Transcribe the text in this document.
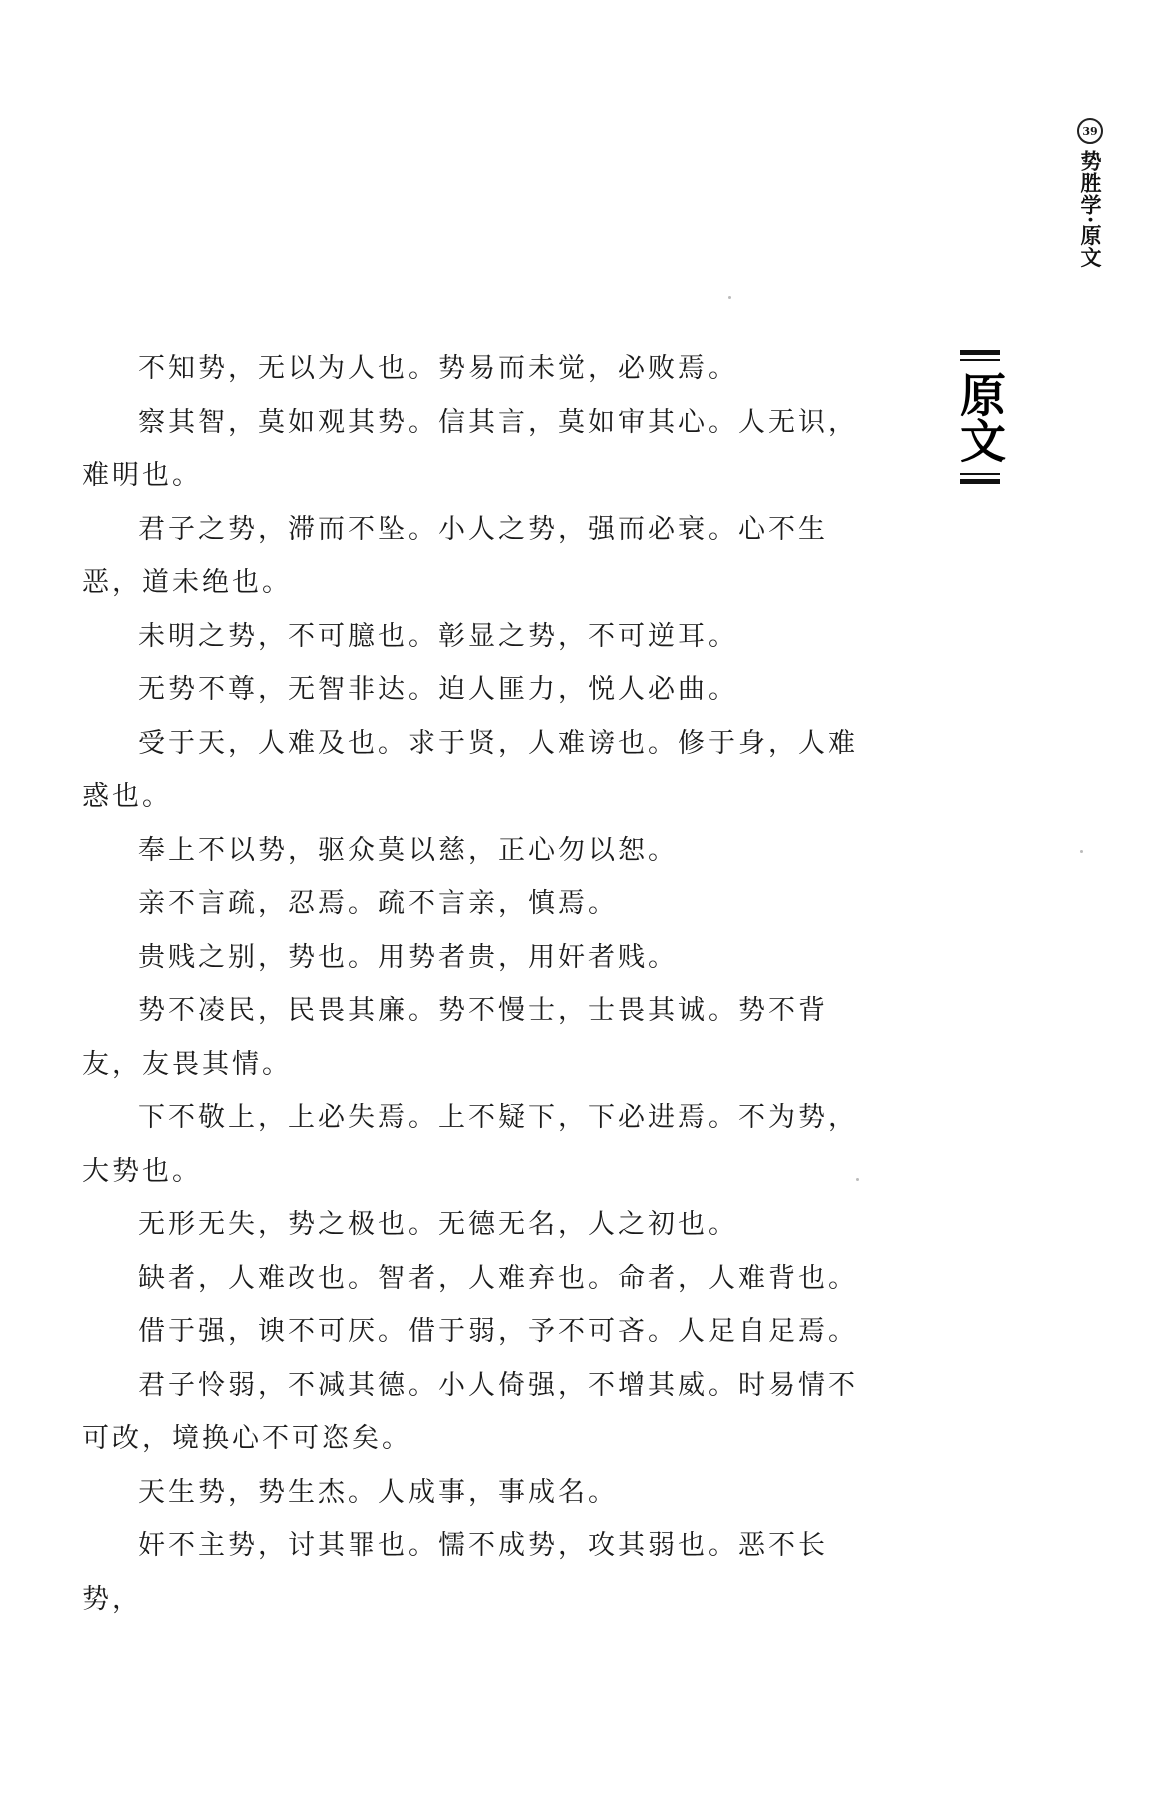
39
势胜学·原文
原文

不知势，无以为人也。势易而未觉，必败焉。

察其智，莫如观其势。信其言，莫如审其心。人无识，难明也。

君子之势，滞而不坠。小人之势，强而必衰。心不生恶，道未绝也。

未明之势，不可臆也。彰显之势，不可逆耳。

无势不尊，无智非达。迫人匪力，悦人必曲。

受于天，人难及也。求于贤，人难谤也。修于身，人难惑也。

奉上不以势，驱众莫以慈，正心勿以恕。

亲不言疏，忍焉。疏不言亲，慎焉。

贵贱之别，势也。用势者贵，用奸者贱。

势不凌民，民畏其廉。势不慢士，士畏其诚。势不背友，友畏其情。

下不敬上，上必失焉。上不疑下，下必进焉。不为势，大势也。

无形无失，势之极也。无德无名，人之初也。

缺者，人难改也。智者，人难弃也。命者，人难背也。

借于强，谀不可厌。借于弱，予不可吝。人足自足焉。

君子怜弱，不减其德。小人倚强，不增其威。时易情不可改，境换心不可恣矣。

天生势，势生杰。人成事，事成名。

奸不主势，讨其罪也。懦不成势，攻其弱也。恶不长势，
